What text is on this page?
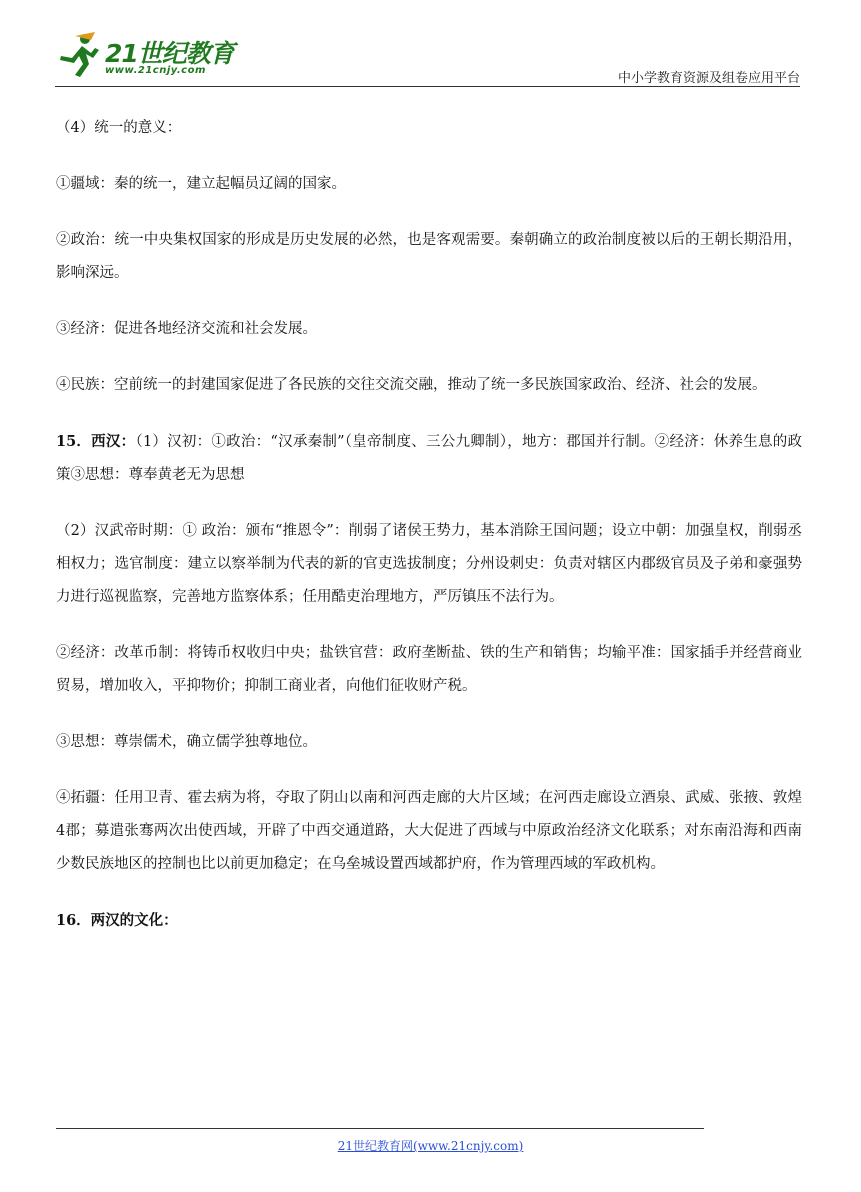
21世纪教育
www.21cnjy.com
中小学教育资源及组卷应用平台

（4）统一的意义：

①疆域：秦的统一，建立起幅员辽阔的国家。

②政治：统一中央集权国家的形成是历史发展的必然，也是客观需要。秦朝确立的政治制度被以后的王朝长期沿用，影响深远。

③经济：促进各地经济交流和社会发展。

④民族：空前统一的封建国家促进了各民族的交往交流交融，推动了统一多民族国家政治、经济、社会的发展。

15．西汉：（1）汉初：①政治：“汉承秦制”（皇帝制度、三公九卿制），地方：郡国并行制。②经济：休养生息的政策③思想：尊奉黄老无为思想

（2）汉武帝时期：① 政治：颁布“推恩令”：削弱了诸侯王势力，基本消除王国问题；设立中朝：加强皇权，削弱丞相权力；选官制度：建立以察举制为代表的新的官吏选拔制度；分州设刺史：负责对辖区内郡级官员及子弟和豪强势力进行巡视监察，完善地方监察体系；任用酷吏治理地方，严厉镇压不法行为。

②经济：改革币制：将铸币权收归中央；盐铁官营：政府垄断盐、铁的生产和销售；均输平准：国家插手并经营商业贸易，增加收入，平抑物价；抑制工商业者，向他们征收财产税。

③思想：尊崇儒术，确立儒学独尊地位。

④拓疆：任用卫青、霍去病为将，夺取了阴山以南和河西走廊的大片区域；在河西走廊设立酒泉、武威、张掖、敦煌4郡；募遣张骞两次出使西域，开辟了中西交通道路，大大促进了西域与中原政治经济文化联系；对东南沿海和西南少数民族地区的控制也比以前更加稳定；在乌垒城设置西域都护府，作为管理西域的军政机构。

16．两汉的文化：

21世纪教育网(www.21cnjy.com)
